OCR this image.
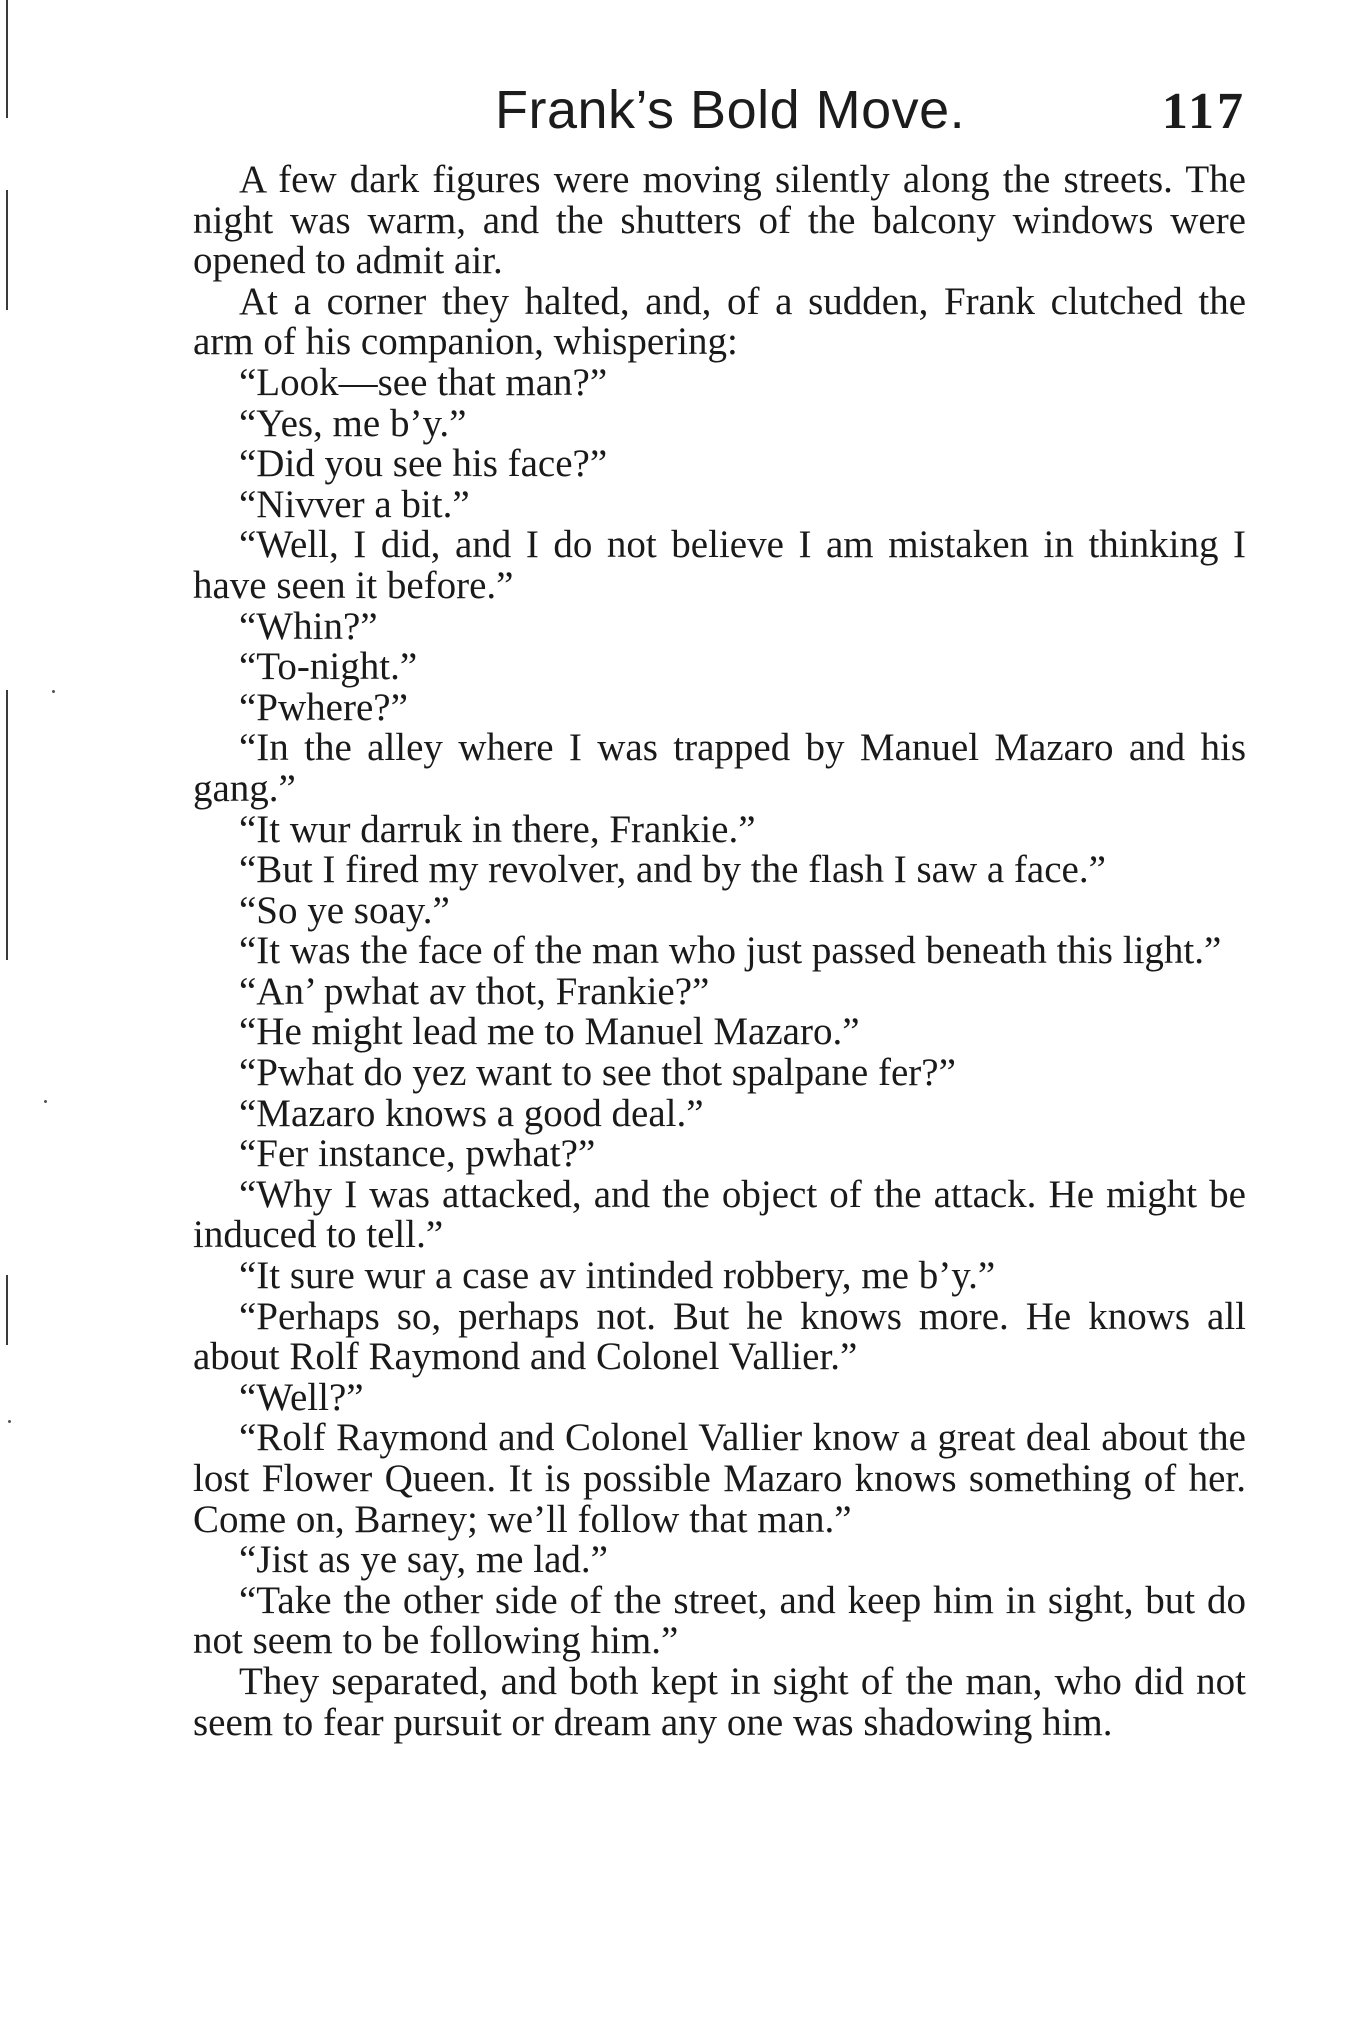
Frank’s Bold Move.	117

A few dark figures were moving silently along the streets. The night was warm, and the shutters of the balcony windows were opened to admit air.

At a corner they halted, and, of a sudden, Frank clutched the arm of his companion, whispering:

“Look—see that man?”

“Yes, me b’y.”

“Did you see his face?”

“Nivver a bit.”

“Well, I did, and I do not believe I am mistaken in thinking I have seen it before.”

“Whin?”

“To-night.”

“Pwhere?”

“In the alley where I was trapped by Manuel Mazaro and his gang.”

“It wur darruk in there, Frankie.”

“But I fired my revolver, and by the flash I saw a face.”

“So ye soay.”

“It was the face of the man who just passed beneath this light.”

“An’ pwhat av thot, Frankie?”

“He might lead me to Manuel Mazaro.”

“Pwhat do yez want to see thot spalpane fer?”

“Mazaro knows a good deal.”

“Fer instance, pwhat?”

“Why I was attacked, and the object of the attack. He might be induced to tell.”

“It sure wur a case av intinded robbery, me b’y.”

“Perhaps so, perhaps not. But he knows more. He knows all about Rolf Raymond and Colonel Vallier.”

“Well?”

“Rolf Raymond and Colonel Vallier know a great deal about the lost Flower Queen. It is possible Mazaro knows something of her. Come on, Barney; we’ll follow that man.”

“Jist as ye say, me lad.”

“Take the other side of the street, and keep him in sight, but do not seem to be following him.”

They separated, and both kept in sight of the man, who did not seem to fear pursuit or dream any one was shadowing him.
